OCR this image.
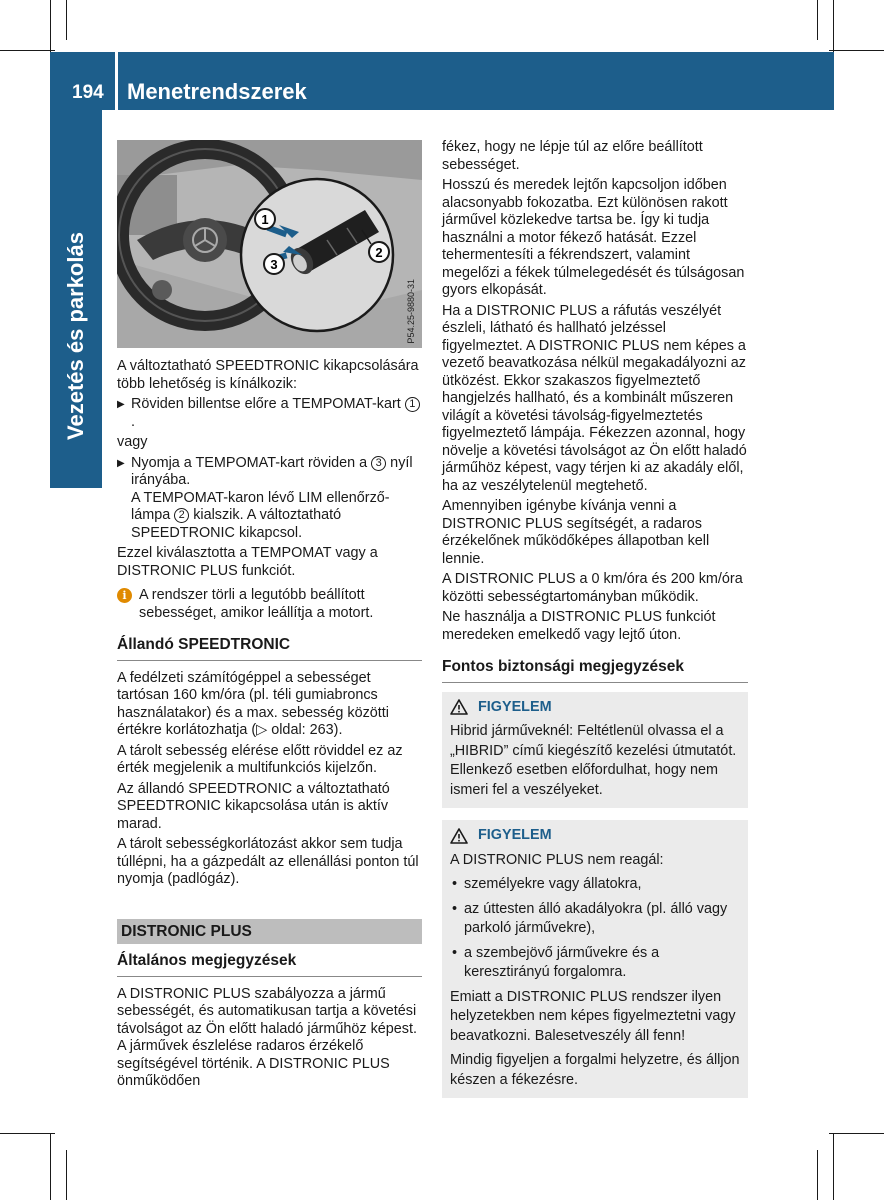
194 Menetrendszerek
Vezetés és parkolás
1
2
3
P54.25-9880-31

A változtatható SPEEDTRONIC kikapcsolására több lehetőség is kínálkozik:

▶ Röviden billentse előre a TEMPOMAT-kart 1.
vagy
▶ Nyomja a TEMPOMAT-kart röviden a 3 nyíl irányába.
A TEMPOMAT-karon lévő LIM ellenőrző-lámpa 2 kialszik. A változtatható SPEEDTRONIC kikapcsol.

Ezzel kiválasztotta a TEMPOMAT vagy a DISTRONIC PLUS funkciót.

i A rendszer törli a legutóbb beállított sebességet, amikor leállítja a motort.
Állandó SPEEDTRONIC

A fedélzeti számítógéppel a sebességet tartósan 160 km/óra (pl. téli gumiabroncs használatakor) és a max. sebesség közötti értékre korlátozhatja (▷ oldal: 263).

A tárolt sebesség elérése előtt röviddel ez az érték megjelenik a multifunkciós kijelzőn.

Az állandó SPEEDTRONIC a változtatható SPEEDTRONIC kikapcsolása után is aktív marad.

A tárolt sebességkorlátozást akkor sem tudja túllépni, ha a gázpedált az ellenállási ponton túl nyomja (padlógáz).

DISTRONIC PLUS
Általános megjegyzések

A DISTRONIC PLUS szabályozza a jármű sebességét, és automatikusan tartja a követési távolságot az Ön előtt haladó járműhöz képest. A járművek észlelése radaros érzékelő segítségével történik. A DISTRONIC PLUS önműködően

fékez, hogy ne lépje túl az előre beállított sebességet.

Hosszú és meredek lejtőn kapcsoljon időben alacsonyabb fokozatba. Ezt különösen rakott járművel közlekedve tartsa be. Így ki tudja használni a motor fékező hatását. Ezzel tehermentesíti a fékrendszert, valamint megelőzi a fékek túlmelegedését és túlságosan gyors elkopását.

Ha a DISTRONIC PLUS a ráfutás veszélyét észleli, látható és hallható jelzéssel figyelmeztet. A DISTRONIC PLUS nem képes a vezető beavatkozása nélkül megakadályozni az ütközést. Ekkor szakaszos figyelmeztető hangjelzés hallható, és a kombinált műszeren világít a követési távolság-figyelmeztetés figyelmeztető lámpája. Fékezzen azonnal, hogy növelje a követési távolságot az Ön előtt haladó járműhöz képest, vagy térjen ki az akadály elől, ha az veszélytelenül megtehető.

Amennyiben igénybe kívánja venni a DISTRONIC PLUS segítségét, a radaros érzékelőnek működőképes állapotban kell lennie.

A DISTRONIC PLUS a 0 km/óra és 200 km/óra közötti sebességtartományban működik.

Ne használja a DISTRONIC PLUS funkciót meredeken emelkedő vagy lejtő úton.

Fontos biztonsági megjegyzések
FIGYELEM

Hibrid járműveknél: Feltétlenül olvassa el a „HIBRID” című kiegészítő kezelési útmutatót. Ellenkező esetben előfordulhat, hogy nem ismeri fel a veszélyeket.

FIGYELEM

A DISTRONIC PLUS nem reagál:

• személyekre vagy állatokra,
• az úttesten álló akadályokra (pl. álló vagy parkoló járművekre),
• a szembejövő járművekre és a keresztirányú forgalomra.

Emiatt a DISTRONIC PLUS rendszer ilyen helyzetekben nem képes figyelmeztetni vagy beavatkozni. Balesetveszély áll fenn!

Mindig figyeljen a forgalmi helyzetre, és álljon készen a fékezésre.
